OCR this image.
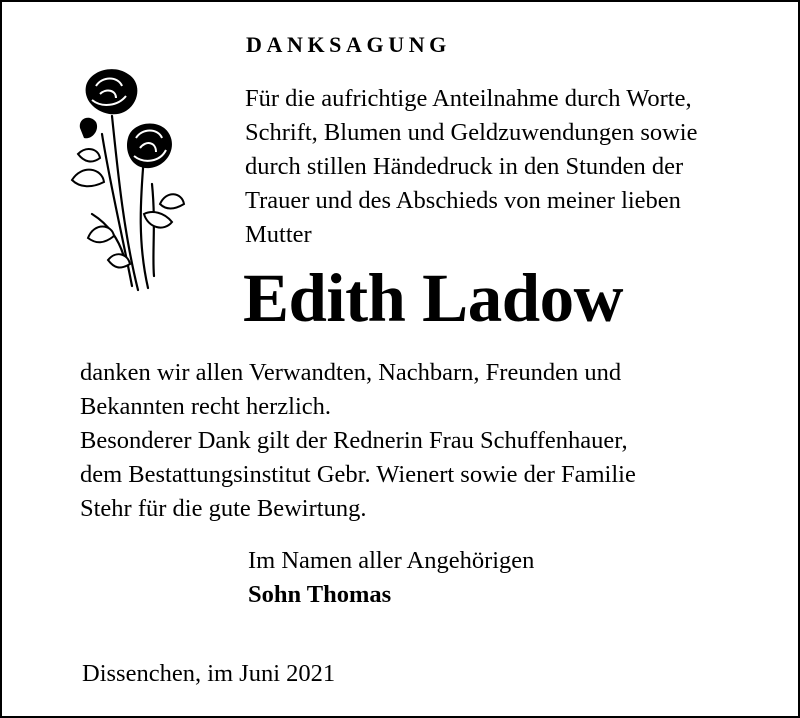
DANKSAGUNG
Für die aufrichtige Anteilnahme durch Worte,
Schrift, Blumen und Geldzuwendungen sowie
durch stillen Händedruck in den Stunden der
Trauer und des Abschieds von meiner lieben
Mutter
Edith Ladow
danken wir allen Verwandten, Nachbarn, Freunden und
Bekannten recht herzlich.
Besonderer Dank gilt der Rednerin Frau Schuffenhauer,
dem Bestattungsinstitut Gebr. Wienert sowie der Familie
Stehr für die gute Bewirtung.
Im Namen aller Angehörigen
Sohn Thomas
Dissenchen, im Juni 2021
